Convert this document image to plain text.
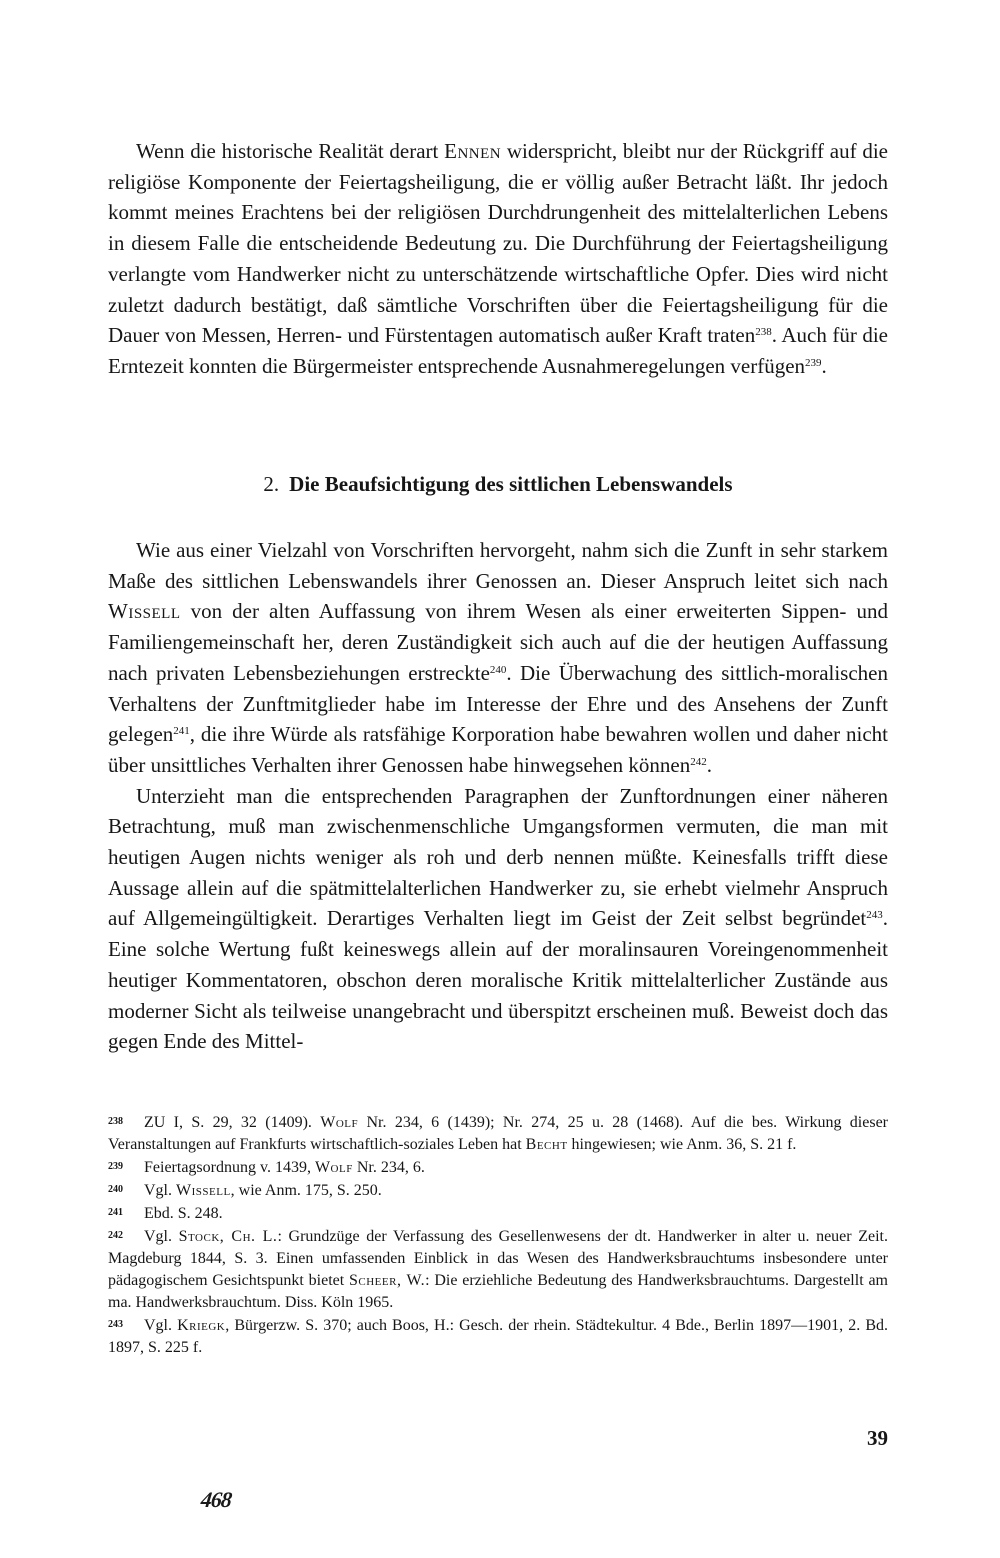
Wenn die historische Realität derart Ennen widerspricht, bleibt nur der Rückgriff auf die religiöse Komponente der Feiertagsheiligung, die er völlig außer Betracht läßt. Ihr jedoch kommt meines Erachtens bei der religiösen Durchdrungenheit des mittelalterlichen Lebens in diesem Falle die entscheidende Bedeutung zu. Die Durchführung der Feiertagsheiligung verlangte vom Handwerker nicht zu unterschätzende wirtschaftliche Opfer. Dies wird nicht zuletzt dadurch bestätigt, daß sämtliche Vorschriften über die Feiertagsheiligung für die Dauer von Messen, Herren- und Fürstentagen automatisch außer Kraft traten$^{238}$. Auch für die Erntezeit konnten die Bürgermeister entsprechende Ausnahmeregelungen verfügen$^{239}$.

2. Die Beaufsichtigung des sittlichen Lebenswandels

Wie aus einer Vielzahl von Vorschriften hervorgeht, nahm sich die Zunft in sehr starkem Maße des sittlichen Lebenswandels ihrer Genossen an. Dieser Anspruch leitet sich nach Wissell von der alten Auffassung von ihrem Wesen als einer erweiterten Sippen- und Familiengemeinschaft her, deren Zuständigkeit sich auch auf die der heutigen Auffassung nach privaten Lebensbeziehungen erstreckte$^{240}$. Die Überwachung des sittlich-moralischen Verhaltens der Zunftmitglieder habe im Interesse der Ehre und des Ansehens der Zunft gelegen$^{241}$, die ihre Würde als ratsfähige Korporation habe bewahren wollen und daher nicht über unsittliches Verhalten ihrer Genossen habe hinwegsehen können$^{242}$.

Unterzieht man die entsprechenden Paragraphen der Zunftordnungen einer näheren Betrachtung, muß man zwischenmenschliche Umgangsformen vermuten, die man mit heutigen Augen nichts weniger als roh und derb nennen müßte. Keinesfalls trifft diese Aussage allein auf die spätmittelalterlichen Handwerker zu, sie erhebt vielmehr Anspruch auf Allgemeingültigkeit. Derartiges Verhalten liegt im Geist der Zeit selbst begründet$^{243}$. Eine solche Wertung fußt keineswegs allein auf der moralinsauren Voreingenommenheit heutiger Kommentatoren, obschon deren moralische Kritik mittelalterlicher Zustände aus moderner Sicht als teilweise unangebracht und überspitzt erscheinen muß. Beweist doch das gegen Ende des Mittel-

238 ZU I, S. 29, 32 (1409). Wolf Nr. 234, 6 (1439); Nr. 274, 25 u. 28 (1468). Auf die bes. Wirkung dieser Veranstaltungen auf Frankfurts wirtschaftlich-soziales Leben hat Becht hingewiesen; wie Anm. 36, S. 21 f.

239 Feiertagsordnung v. 1439, Wolf Nr. 234, 6.

240 Vgl. Wissell, wie Anm. 175, S. 250.

241 Ebd. S. 248.

242 Vgl. Stock, Ch. L.: Grundzüge der Verfassung des Gesellenwesens der dt. Handwerker in alter u. neuer Zeit. Magdeburg 1844, S. 3. Einen umfassenden Einblick in das Wesen des Handwerksbrauchtums insbesondere unter pädagogischem Gesichtspunkt bietet Scheer, W.: Die erziehliche Bedeutung des Handwerksbrauchtums. Dargestellt am ma. Handwerksbrauchtum. Diss. Köln 1965.

243 Vgl. Kriegk, Bürgerzw. S. 370; auch Boos, H.: Gesch. der rhein. Städtekultur. 4 Bde., Berlin 1897—1901, 2. Bd. 1897, S. 225 f.

39
468
